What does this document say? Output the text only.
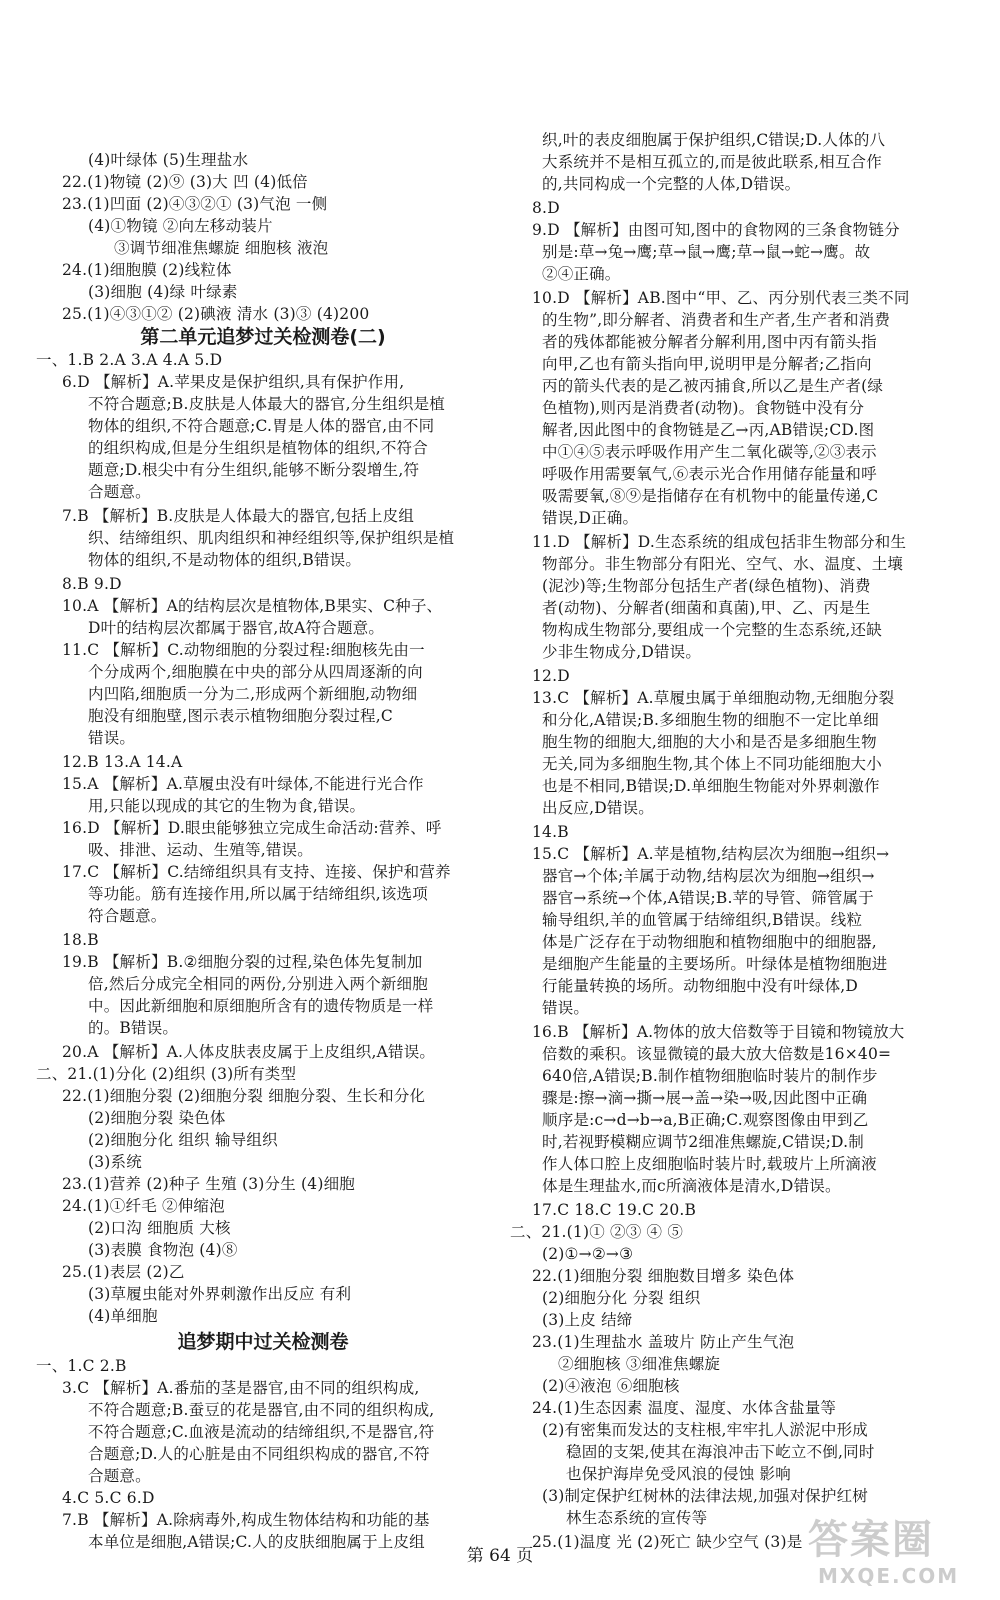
(4)叶绿体 (5)生理盐水
22.(1)物镜 (2)⑨ (3)大 凹 (4)低倍
23.(1)凹面 (2)④③②① (3)气泡 一侧
(4)①物镜 ②向左移动装片
③调节细准焦螺旋 细胞核 液泡
24.(1)细胞膜 (2)线粒体
(3)细胞 (4)绿 叶绿素
25.(1)④③①② (2)碘液 清水 (3)③ (4)200
第二单元追梦过关检测卷(二)
一、1.B 2.A 3.A 4.A 5.D
6.D 【解析】A.苹果皮是保护组织,具有保护作用,
不符合题意;B.皮肤是人体最大的器官,分生组织是植
物体的组织,不符合题意;C.胃是人体的器官,由不同
的组织构成,但是分生组织是植物体的组织,不符合
题意;D.根尖中有分生组织,能够不断分裂增生,符
合题意。
7.B 【解析】B.皮肤是人体最大的器官,包括上皮组
织、结缔组织、肌肉组织和神经组织等,保护组织是植
物体的组织,不是动物体的组织,B错误。
8.B 9.D
10.A 【解析】A的结构层次是植物体,B果实、C种子、
D叶的结构层次都属于器官,故A符合题意。
11.C 【解析】C.动物细胞的分裂过程:细胞核先由一
个分成两个,细胞膜在中央的部分从四周逐渐的向
内凹陷,细胞质一分为二,形成两个新细胞,动物细
胞没有细胞壁,图示表示植物细胞分裂过程,C
错误。
12.B 13.A 14.A
15.A 【解析】A.草履虫没有叶绿体,不能进行光合作
用,只能以现成的其它的生物为食,错误。
16.D 【解析】D.眼虫能够独立完成生命活动:营养、呼
吸、排泄、运动、生殖等,错误。
17.C 【解析】C.结缔组织具有支持、连接、保护和营养
等功能。筋有连接作用,所以属于结缔组织,该选项
符合题意。
18.B
19.B 【解析】B.②细胞分裂的过程,染色体先复制加
倍,然后分成完全相同的两份,分别进入两个新细胞
中。因此新细胞和原细胞所含有的遗传物质是一样
的。B错误。
20.A 【解析】A.人体皮肤表皮属于上皮组织,A错误。
二、21.(1)分化 (2)组织 (3)所有类型
22.(1)细胞分裂 (2)细胞分裂 细胞分裂、生长和分化
(2)细胞分裂 染色体
(2)细胞分化 组织 输导组织
(3)系统
23.(1)营养 (2)种子 生殖 (3)分生 (4)细胞
24.(1)①纤毛 ②伸缩泡
(2)口沟 细胞质 大核
(3)表膜 食物泡 (4)⑧
25.(1)表层 (2)乙
(3)草履虫能对外界刺激作出反应 有利
(4)单细胞
追梦期中过关检测卷
一、1.C 2.B
3.C 【解析】A.番茄的茎是器官,由不同的组织构成,
不符合题意;B.蚕豆的花是器官,由不同的组织构成,
不符合题意;C.血液是流动的结缔组织,不是器官,符
合题意;D.人的心脏是由不同组织构成的器官,不符
合题意。
4.C 5.C 6.D
7.B 【解析】A.除病毒外,构成生物体结构和功能的基
本单位是细胞,A错误;C.人的皮肤细胞属于上皮组
织,叶的表皮细胞属于保护组织,C错误;D.人体的八
大系统并不是相互孤立的,而是彼此联系,相互合作
的,共同构成一个完整的人体,D错误。
8.D
9.D 【解析】由图可知,图中的食物网的三条食物链分
别是:草→兔→鹰;草→鼠→鹰;草→鼠→蛇→鹰。故
②④正确。
10.D 【解析】AB.图中“甲、乙、丙分别代表三类不同
的生物”,即分解者、消费者和生产者,生产者和消费
者的残体都能被分解者分解利用,图中丙有箭头指
向甲,乙也有箭头指向甲,说明甲是分解者;乙指向
丙的箭头代表的是乙被丙捕食,所以乙是生产者(绿
色植物),则丙是消费者(动物)。食物链中没有分
解者,因此图中的食物链是乙→丙,AB错误;CD.图
中①④⑤表示呼吸作用产生二氧化碳等,②③表示
呼吸作用需要氧气,⑥表示光合作用储存能量和呼
吸需要氧,⑧⑨是指储存在有机物中的能量传递,C
错误,D正确。
11.D 【解析】D.生态系统的组成包括非生物部分和生
物部分。非生物部分有阳光、空气、水、温度、土壤
(泥沙)等;生物部分包括生产者(绿色植物)、消费
者(动物)、分解者(细菌和真菌),甲、乙、丙是生
物构成生物部分,要组成一个完整的生态系统,还缺
少非生物成分,D错误。
12.D
13.C 【解析】A.草履虫属于单细胞动物,无细胞分裂
和分化,A错误;B.多细胞生物的细胞不一定比单细
胞生物的细胞大,细胞的大小和是否是多细胞生物
无关,同为多细胞生物,其个体上不同功能细胞大小
也是不相同,B错误;D.单细胞生物能对外界刺激作
出反应,D错误。
14.B
15.C 【解析】A.苹是植物,结构层次为细胞→组织→
器官→个体;羊属于动物,结构层次为细胞→组织→
器官→系统→个体,A错误;B.苹的导管、筛管属于
输导组织,羊的血管属于结缔组织,B错误。线粒
体是广泛存在于动物细胞和植物细胞中的细胞器,
是细胞产生能量的主要场所。叶绿体是植物细胞进
行能量转换的场所。动物细胞中没有叶绿体,D
错误。
16.B 【解析】A.物体的放大倍数等于目镜和物镜放大
倍数的乘积。该显微镜的最大放大倍数是16×40=
640倍,A错误;B.制作植物细胞临时装片的制作步
骤是:擦→滴→撕→展→盖→染→吸,因此图中正确
顺序是:c→d→b→a,B正确;C.观察图像由甲到乙
时,若视野模糊应调节2细准焦螺旋,C错误;D.制
作人体口腔上皮细胞临时装片时,载玻片上所滴液
体是生理盐水,而c所滴液体是清水,D错误。
17.C 18.C 19.C 20.B
二、21.(1)① ②③ ④ ⑤
(2)①→②→③
22.(1)细胞分裂 细胞数目增多 染色体
(2)细胞分化 分裂 组织
(3)上皮 结缔
23.(1)生理盐水 盖玻片 防止产生气泡
②细胞核 ③细准焦螺旋
(2)④液泡 ⑥细胞核
24.(1)生态因素 温度、湿度、水体含盐量等
(2)有密集而发达的支柱根,牢牢扎人淤泥中形成
稳固的支架,使其在海浪冲击下屹立不倒,同时
也保护海岸免受风浪的侵蚀 影响
(3)制定保护红树林的法律法规,加强对保护红树
林生态系统的宣传等
25.(1)温度 光 (2)死亡 缺少空气 (3)是
第 64 页	答案圈
MXQE.COM
